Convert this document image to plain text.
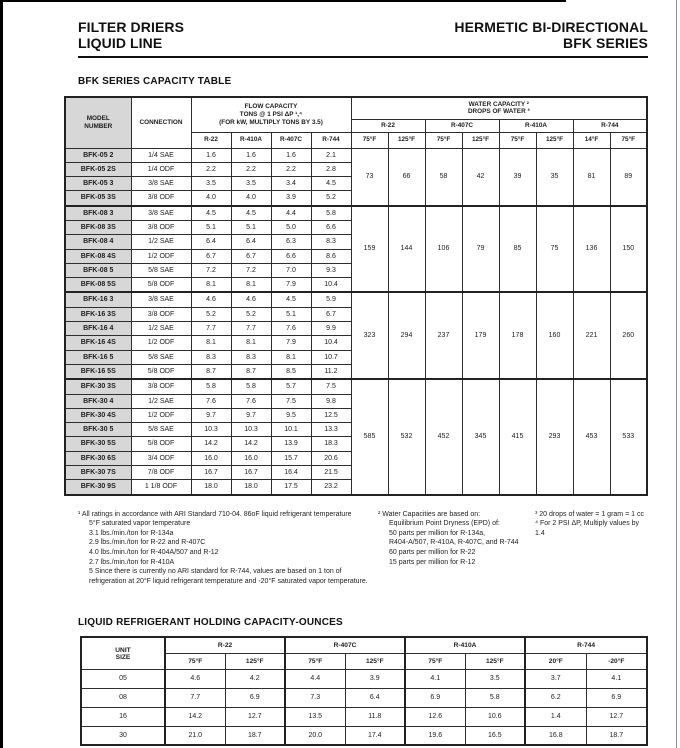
FILTER DRIERS
LIQUID LINE
HERMETIC BI-DIRECTIONAL
BFK SERIES
BFK SERIES CAPACITY TABLE
MODEL
NUMBER
	CONNECTION	
FLOW CAPACITY
TONS @ 1 PSI ΔP ¹,⁴
(FOR kW, MULTIPLY TONS BY 3.5)

WATER CAPACITY ²
DROPS OF WATER ³

						R-22		R-407C		R-410A		R-744	
		R-22	R-410A	R-407C	R-744	75°F	125°F	75°F	125°F	75°F	125°F	14°F	75°F
BFK-05 2	1/4 SAE	1.6	1.6	1.6	2.1	73	66	58	42	39	35	81	89
BFK-05 2S	1/4 ODF	2.2	2.2	2.2	2.8								
BFK-05 3	3/8 SAE	3.5	3.5	3.4	4.5								
BFK-05 3S	3/8 ODF	4.0	4.0	3.9	5.2								
BFK-08 3	3/8 SAE	4.5	4.5	4.4	5.8	159	144	106	79	85	75	136	150
BFK-08 3S	3/8 ODF	5.1	5.1	5.0	6.6								
BFK-08 4	1/2 SAE	6.4	6.4	6.3	8.3								
BFK-08 4S	1/2 ODF	6.7	6.7	6.6	8.6								
BFK-08 5	5/8 SAE	7.2	7.2	7.0	9.3								
BFK-08 5S	5/8 ODF	8.1	8.1	7.9	10.4								
BFK-16 3	3/8 SAE	4.6	4.6	4.5	5.9	323	294	237	179	178	160	221	260
BFK-16 3S	3/8 ODF	5.2	5.2	5.1	6.7								
BFK-16 4	1/2 SAE	7.7	7.7	7.6	9.9								
BFK-16 4S	1/2 ODF	8.1	8.1	7.9	10.4								
BFK-16 5	5/8 SAE	8.3	8.3	8.1	10.7								
BFK-16 5S	5/8 ODF	8.7	8.7	8.5	11.2								
BFK-30 3S	3/8 ODF	5.8	5.8	5.7	7.5	585	532	452	345	415	293	453	533
BFK-30 4	1/2 SAE	7.6	7.6	7.5	9.8								
BFK-30 4S	1/2 ODF	9.7	9.7	9.5	12.5								
BFK-30 5	5/8 SAE	10.3	10.3	10.1	13.3								
BFK-30 5S	5/8 ODF	14.2	14.2	13.9	18.3								
BFK-30 6S	3/4 ODF	16.0	16.0	15.7	20.6								
BFK-30 7S	7/8 ODF	16.7	16.7	16.4	21.5								
BFK-30 9S	1 1/8 ODF	18.0	18.0	17.5	23.2								
¹ All ratings in accordance with ARI Standard 710-04. 86oF liquid refrigerant temperature
5°F saturated vapor temperature
3.1 lbs./min./ton for R-134a
2.9 lbs./min./ton for R-22 and R-407C
4.0 lbs./min./ton for R-404A/507 and R-12
2.7 lbs./min./ton for R-410A
5 Since there is currently no ARI standard for R-744, values are based on 1 ton of
refrigeration at 20°F liquid refrigerant temperature and -20°F saturated vapor temperature.
² Water Capacities are based on:
Equilibrium Point Dryness (EPD) of:
50 parts per million for R-134a,
R404-A/507, R-410A, R-407C, and R-744
60 parts per million for R-22
15 parts per million for R-12
³ 20 drops of water = 1 gram = 1 cc
⁴ For 2 PSI ΔP, Multiply values by 1.4
LIQUID REFRIGERANT HOLDING CAPACITY-OUNCES
UNIT
SIZE	R-22		R-407C		R-410A		R-744	
	75°F	125°F	75°F	125°F	75°F	125°F	20°F	-20°F
05	4.6	4.2	4.4	3.9	4.1	3.5	3.7	4.1
08	7.7	6.9	7.3	6.4	6.9	5.8	6.2	6.9
16	14.2	12.7	13.5	11.8	12.6	10.6	1.4	12.7
30	21.0	18.7	20.0	17.4	19.6	16.5	16.8	18.7
